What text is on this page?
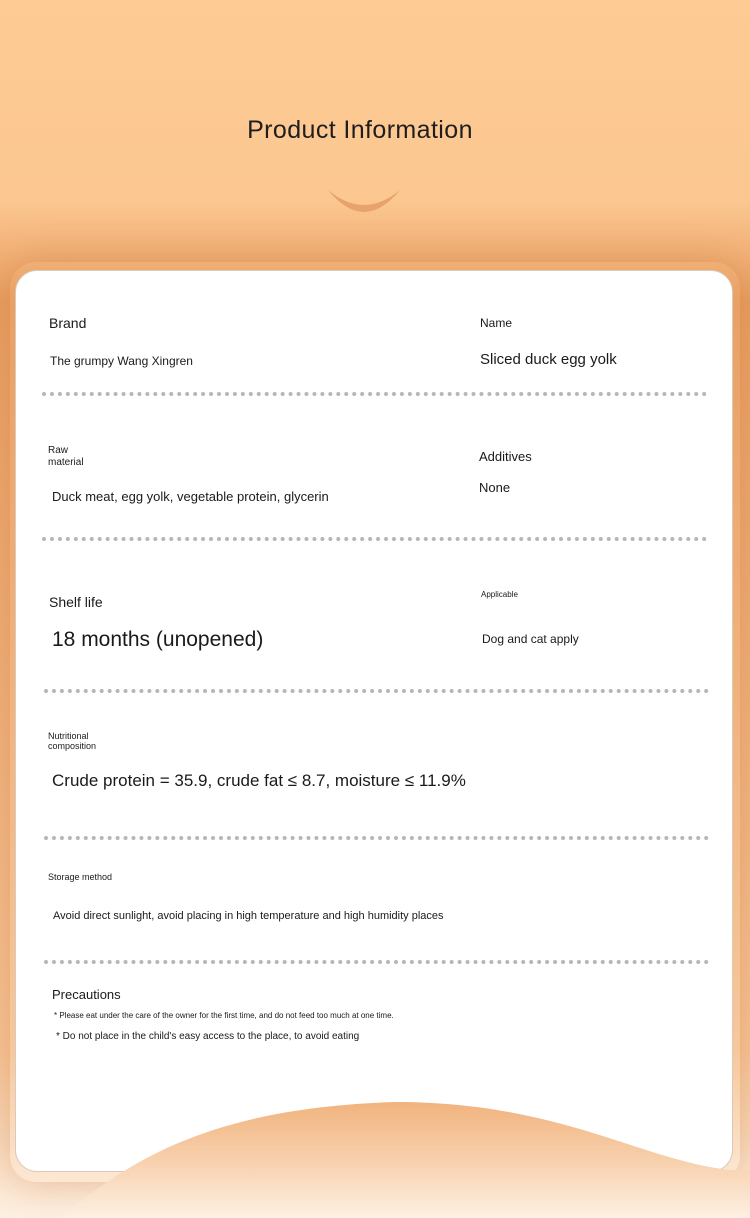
Product Information

Brand

The grumpy Wang Xingren

Name

Sliced duck egg yolk

Raw material

Duck meat, egg yolk, vegetable protein, glycerin

Additives

None

Shelf life

18 months (unopened)

Applicable

Dog and cat apply

Nutritional composition

Crude protein = 35.9, crude fat ≤ 8.7, moisture ≤ 11.9%

Storage method

Avoid direct sunlight, avoid placing in high temperature and high humidity places

Precautions

* Please eat under the care of the owner for the first time, and do not feed too much at one time.

* Do not place in the child's easy access to the place, to avoid eating
